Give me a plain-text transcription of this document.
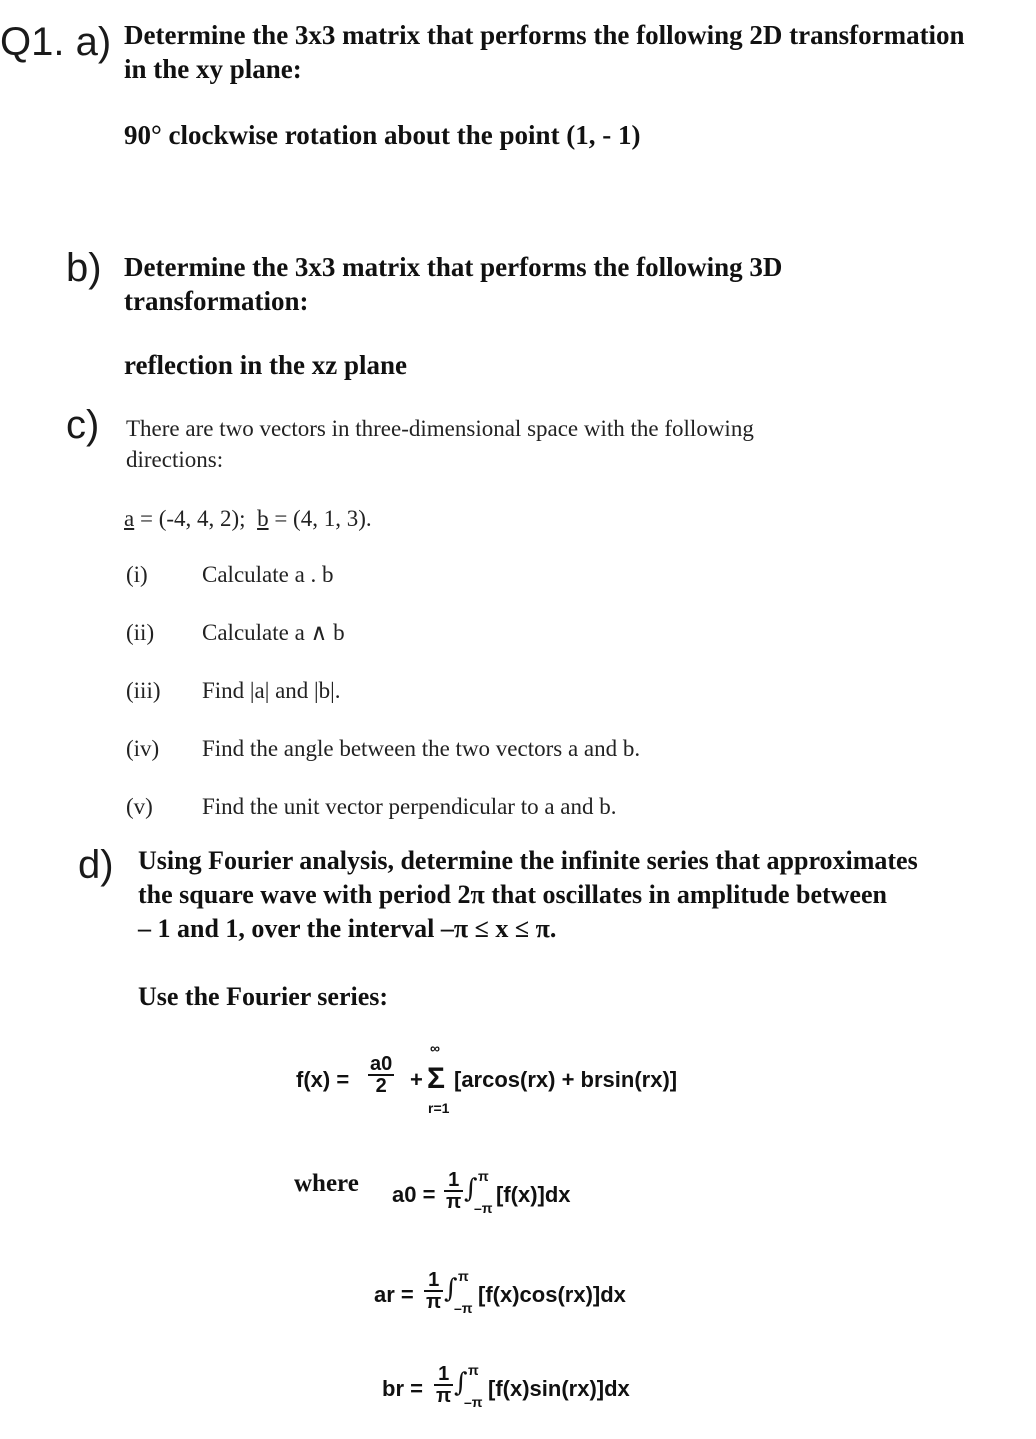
Q1. a) Determine the 3x3 matrix that performs the following 2D transformation
in the xy plane:
90° clockwise rotation about the point (1, - 1)
b) Determine the 3x3 matrix that performs the following 3D
transformation:
reflection in the xz plane
c) There are two vectors in three-dimensional space with the following
directions:
a = (-4, 4, 2); b = (4, 1, 3).
(i) Calculate a . b
(ii) Calculate a ∧ b
(iii) Find |a| and |b|.
(iv) Find the angle between the two vectors a and b.
(v) Find the unit vector perpendicular to a and b.
d) Using Fourier analysis, determine the infinite series that approximates
the square wave with period 2π that oscillates in amplitude between
– 1 and 1, over the interval –π ≤ x ≤ π.
Use the Fourier series:
$f(x) = \frac{a0}{2}$ +
∞
Σ
r=1
[arcos(rx) + brsin(rx)]
where $a0 = \frac{1}{\pi}$ ∫ π
–π
[f(x)]dx
ar = $\frac{1}{\pi}$ ∫ π
–π
[f(x)cos(rx)]dx
br = $\frac{1}{\pi}$ ∫ π
–π
[f(x)sin(rx)]dx
